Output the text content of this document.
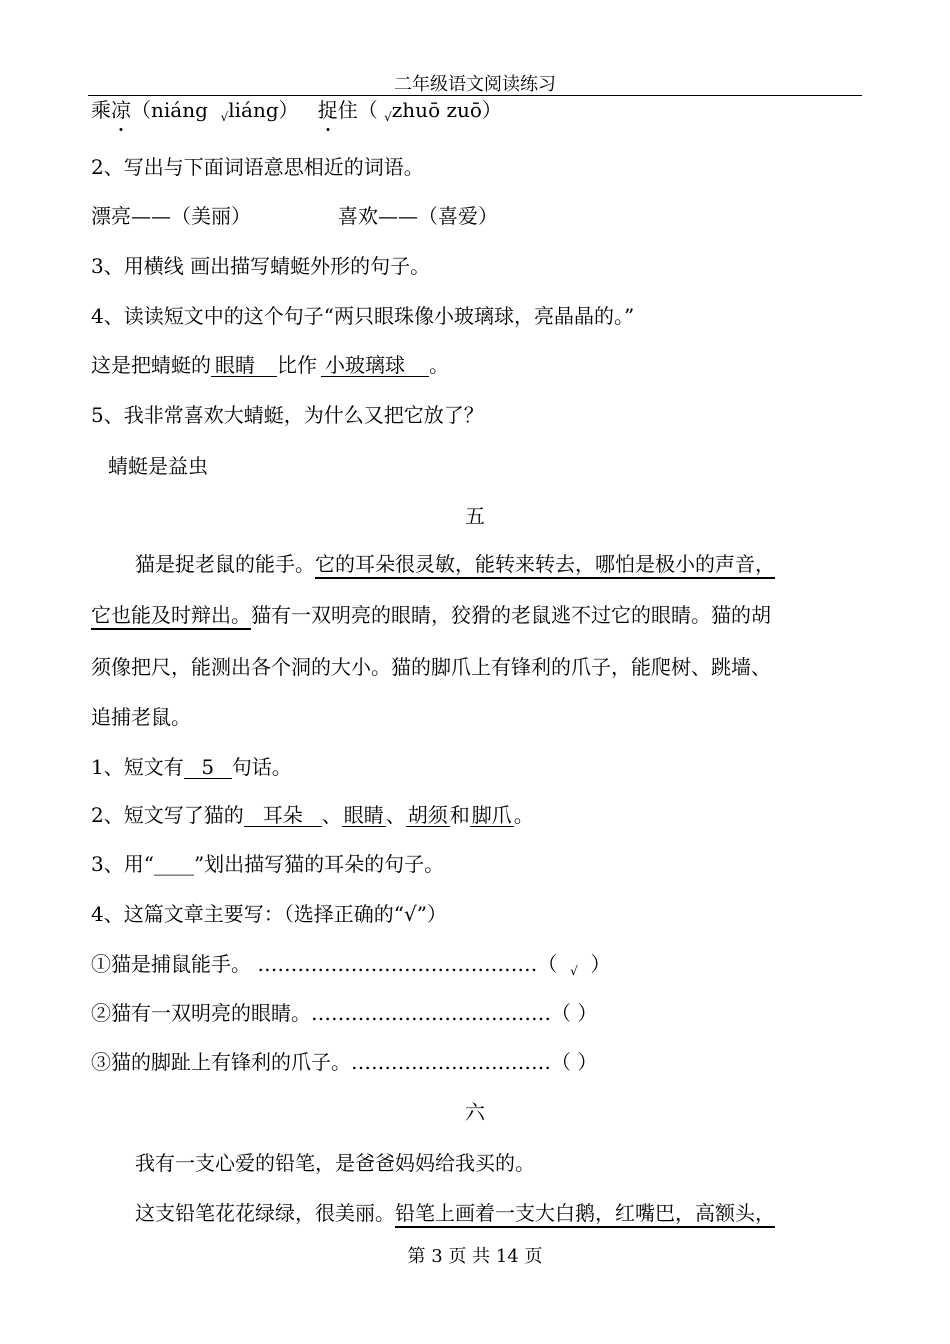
二年级语文阅读练习
乘凉（niáng $_√$liáng） 捉住（ $_√$zhuō zuō）
2、写出与下面词语意思相近的词语。
漂亮——（美丽）	喜欢——（喜爱）
3、用横线 画出描写蜻蜓外形的句子。
4、读读短文中的这个句子“两只眼珠像小玻璃球，亮晶晶的。”
这是把蜻蜓的 眼睛 比作 小玻璃球 。
5、我非常喜欢大蜻蜓，为什么又把它放了？
蜻蜓是益虫
五
猫是捉老鼠的能手。它的耳朵很灵敏，能转来转去，哪怕是极小的声音，
它也能及时辩出。猫有一双明亮的眼睛，狡猾的老鼠逃不过它的眼睛。猫的胡
须像把尺，能测出各个洞的大小。猫的脚爪上有锋利的爪子，能爬树、跳墙、
追捕老鼠。
1、短文有 5 句话。
2、短文写了猫的 耳朵 、 眼睛 、 胡须 和 脚爪 。
3、用“____”划出描写猫的耳朵的句子。
4、这篇文章主要写：（选择正确的“√”）
①猫是捕鼠能手。 ……………………………………（ $_√$ ）
②猫有一双明亮的眼睛。………………………………（ ）
③猫的脚趾上有锋利的爪子。…………………………（ ）
六
我有一支心爱的铅笔，是爸爸妈妈给我买的。
这支铅笔花花绿绿，很美丽。铅笔上画着一支大白鹅，红嘴巴，高额头，
第 3 页 共 14 页
